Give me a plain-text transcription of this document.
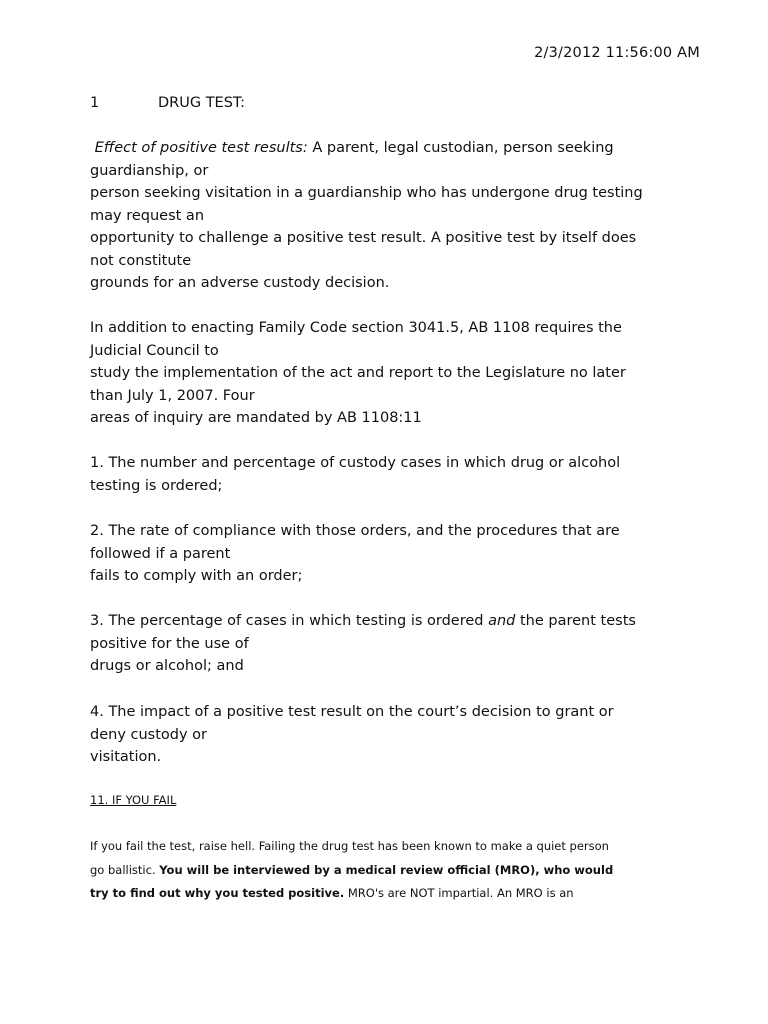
2/3/2012 11:56:00 AM
1	DRUG TEST:
Effect of positive test results: A parent, legal custodian, person seeking
guardianship, or
person seeking visitation in a guardianship who has undergone drug testing
may request an
opportunity to challenge a positive test result. A positive test by itself does
not constitute
grounds for an adverse custody decision.
In addition to enacting Family Code section 3041.5, AB 1108 requires the
Judicial Council to
study the implementation of the act and report to the Legislature no later
than July 1, 2007. Four
areas of inquiry are mandated by AB 1108:11
1. The number and percentage of custody cases in which drug or alcohol
testing is ordered;
2. The rate of compliance with those orders, and the procedures that are
followed if a parent
fails to comply with an order;
3. The percentage of cases in which testing is ordered and the parent tests
positive for the use of
drugs or alcohol; and
4. The impact of a positive test result on the court’s decision to grant or
deny custody or
visitation.
11. IF YOU FAIL
If you fail the test, raise hell. Failing the drug test has been known to make a quiet person
go ballistic. You will be interviewed by a medical review official (MRO), who would
try to find out why you tested positive. MRO's are NOT impartial. An MRO is an
